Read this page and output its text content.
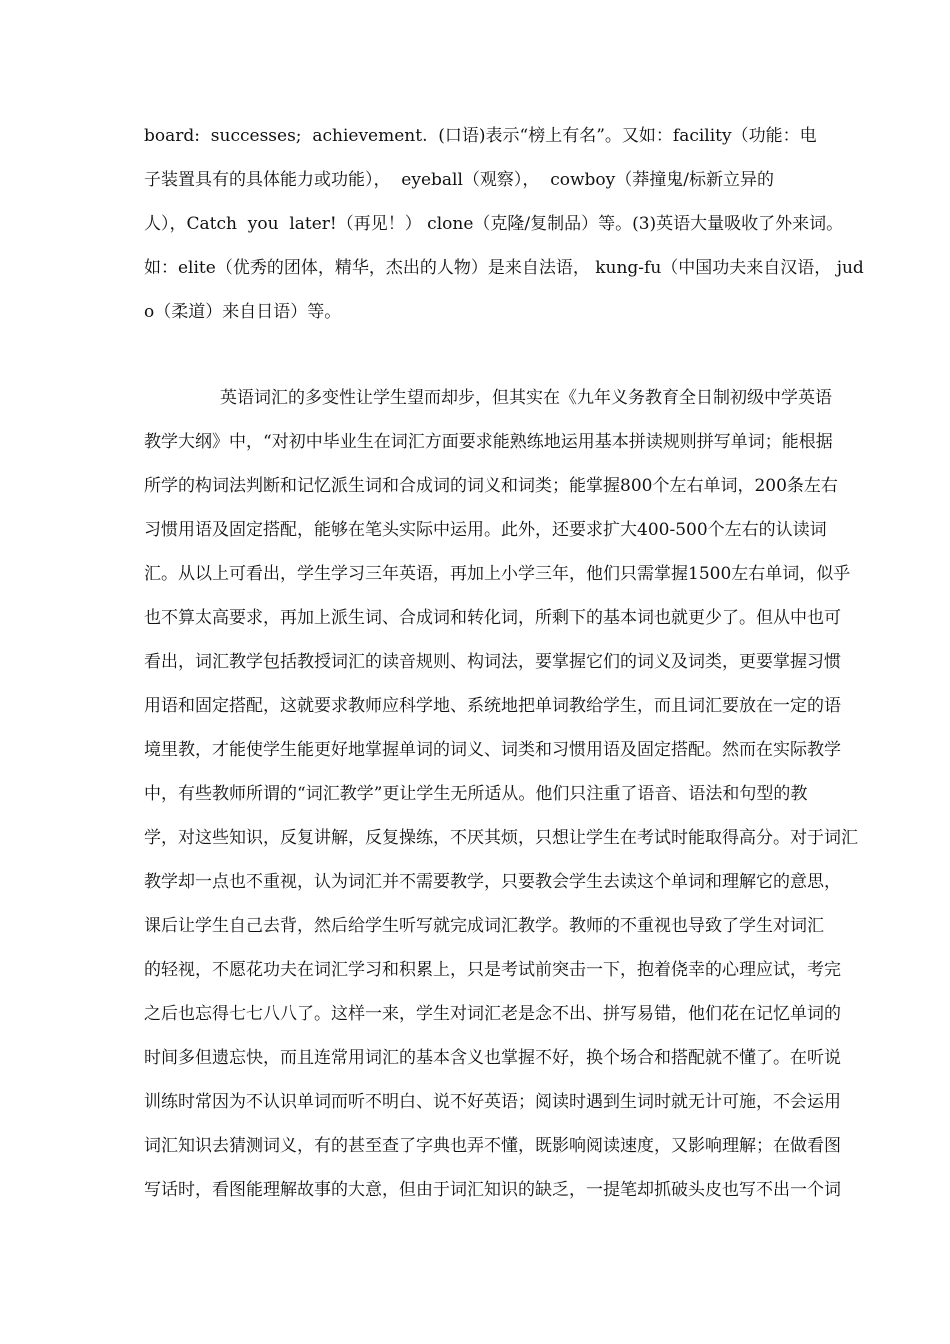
board:  successes;  achievement.  (口语)表示“榜上有名”。又如：facility（功能：电
子装置具有的具体能力或功能），  eyeball（观察），  cowboy（莽撞鬼/标新立异的
人），Catch  you  later!（再见！） clone（克隆/复制品）等。(3)英语大量吸收了外来词。
如：elite（优秀的团体，精华，杰出的人物）是来自法语， kung-fu（中国功夫来自汉语， jud
o（柔道）来自日语）等。
英语词汇的多变性让学生望而却步，但其实在《九年义务教育全日制初级中学英语
教学大纲》中，“对初中毕业生在词汇方面要求能熟练地运用基本拼读规则拼写单词；能根据
所学的构词法判断和记忆派生词和合成词的词义和词类；能掌握800个左右单词，200条左右
习惯用语及固定搭配，能够在笔头实际中运用。此外，还要求扩大400-500个左右的认读词
汇。从以上可看出，学生学习三年英语，再加上小学三年，他们只需掌握1500左右单词，似乎
也不算太高要求，再加上派生词、合成词和转化词，所剩下的基本词也就更少了。但从中也可
看出，词汇教学包括教授词汇的读音规则、构词法，要掌握它们的词义及词类，更要掌握习惯
用语和固定搭配，这就要求教师应科学地、系统地把单词教给学生，而且词汇要放在一定的语
境里教，才能使学生能更好地掌握单词的词义、词类和习惯用语及固定搭配。然而在实际教学
中，有些教师所谓的“词汇教学”更让学生无所适从。他们只注重了语音、语法和句型的教
学，对这些知识，反复讲解，反复操练，不厌其烦，只想让学生在考试时能取得高分。对于词汇
教学却一点也不重视，认为词汇并不需要教学，只要教会学生去读这个单词和理解它的意思，
课后让学生自己去背，然后给学生听写就完成词汇教学。教师的不重视也导致了学生对词汇
的轻视，不愿花功夫在词汇学习和积累上，只是考试前突击一下，抱着侥幸的心理应试，考完
之后也忘得七七八八了。这样一来，学生对词汇老是念不出、拼写易错，他们花在记忆单词的
时间多但遗忘快，而且连常用词汇的基本含义也掌握不好，换个场合和搭配就不懂了。在听说
训练时常因为不认识单词而听不明白、说不好英语；阅读时遇到生词时就无计可施，不会运用
词汇知识去猜测词义，有的甚至查了字典也弄不懂，既影响阅读速度，又影响理解；在做看图
写话时，看图能理解故事的大意，但由于词汇知识的缺乏，一提笔却抓破头皮也写不出一个词
